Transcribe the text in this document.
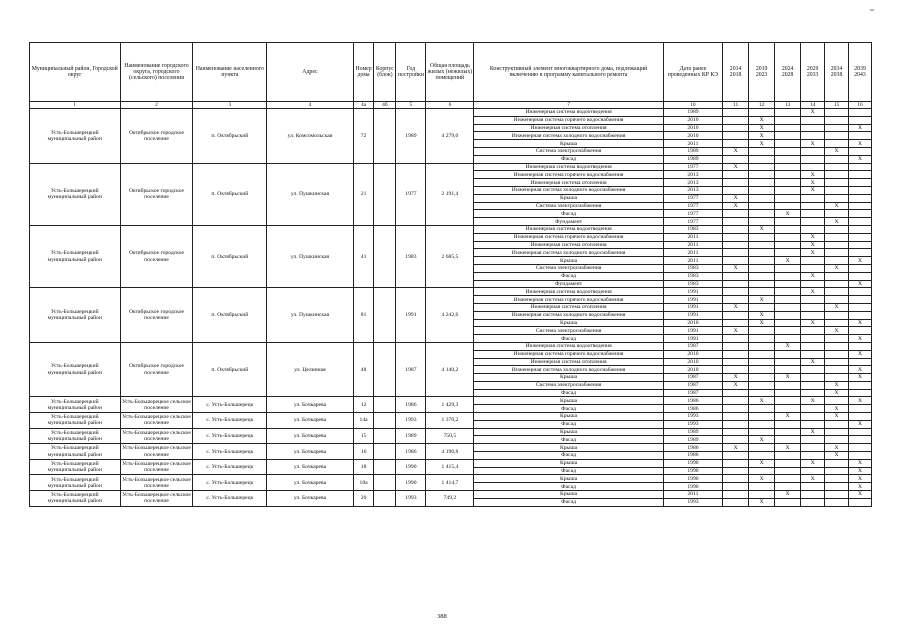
Муниципальный район, Городской округ	Наименование городского округа, городского (сельского) поселения	Наименование населенного пункта	Адрес	Номер дома	Корпус (блок)	Год постройки	Общая площадь жилых (нежилых) помещений	Конструктивный элемент многоквартирного дома, подлежащий включению в программу капитального ремонта	Дата ранее проведенных КР КЭ	2014 2018	2019 2023	2024 2028	2029 2033	2034 2038	2039 2043
1	2	3	4	4а	4б	5	6	7	10	11	12	13	14	15	16
Усть-Большерецкий муниципальный район	Октябрьское городское поселение	п. Октябрьский	ул. Комсомольская	72		1989	4 279,0	Инженерная система водоотведения	1989				X		
								Инженерная система горячего водоснабжения	2010		X				
								Инженерная система отопления	2010		X				X
								Инженерная система холодного водоснабжения	2010		X				
								Крыша	2011		X		X		X
								Система электроснабжения	1989	X				X	
								Фасад	1989						X
Усть-Большерецкий муниципальный район	Октябрьское городское поселение	п. Октябрьский	ул. Пушкинская	21		1977	2 191,4	Инженерная система водоотведения	1977	X					
								Инженерная система горячего водоснабжения	2013				X		
								Инженерная система отопления	2013				X		
								Инженерная система холодного водоснабжения	2013				X		
								Крыша	1977	X					
								Система электроснабжения	1977	X				X	
								Фасад	1977			X			
								Фундамент	1977					X	
Усть-Большерецкий муниципальный район	Октябрьское городское поселение	п. Октябрьский	ул. Пушкинская	41		1983	2 685,5	Инженерная система водоотведения	1983		X				
								Инженерная система горячего водоснабжения	2011				X		
								Инженерная система отопления	2011				X		
								Инженерная система холодного водоснабжения	2011				X		
								Крыша	2011			X			X
								Система электроснабжения	1983	X				X	
								Фасад	1983				X		
								Фундамент	1983						X
Усть-Большерецкий муниципальный район	Октябрьское городское поселение	п. Октябрьский	ул. Пушкинская	81		1991	4 242,6	Инженерная система водоотведения	1991				X		
								Инженерная система горячего водоснабжения	1991		X				
								Инженерная система отопления	1991	X				X	
								Инженерная система холодного водоснабжения	1991		X				
								Крыша	2010		X		X		X
								Система электроснабжения	1991	X				X	
								Фасад	1991						X
Усть-Большерецкий муниципальный район	Октябрьское городское поселение	п. Октябрьский	ул. Целинная	48		1987	4 140,2	Инженерная система водоотведения	1987			X			
								Инженерная система горячего водоснабжения	2010						X
								Инженерная система отопления	2010				X		
								Инженерная система холодного водоснабжения	2010						X
								Крыша	1987	X		X			X
								Система электроснабжения	1987	X				X	
								Фасад	1987					X	
Усть-Большерецкий муниципальный район	Усть-Большерецкое сельское поселение	с. Усть-Большерецк	ул. Бочкарева	12		1986	1 429,3	Крыша	1986		X		X		X
								Фасад	1986					X	
Усть-Большерецкий муниципальный район	Усть-Большерецкое сельское поселение	с. Усть-Большерецк	ул. Бочкарева	14а		1993	1 370,2	Крыша	1993			X		X	
								Фасад	1993						X
Усть-Большерецкий муниципальный район	Усть-Большерецкое сельское поселение	с. Усть-Большерецк	ул. Бочкарева	15		1989	750,5	Крыша	1989				X		
								Фасад	1989		X				
Усть-Большерецкий муниципальный район	Усть-Большерецкое сельское поселение	с. Усть-Большерецк	ул. Бочкарева	16		1986	4 190,8	Крыша	1986	X		X		X	
								Фасад	1986					X	
Усть-Большерецкий муниципальный район	Усть-Большерецкое сельское поселение	с. Усть-Большерецк	ул. Бочкарева	18		1990	1 415,4	Крыша	1990		X		X		X
								Фасад	1990						X
Усть-Большерецкий муниципальный район	Усть-Большерецкое сельское поселение	с. Усть-Большерецк	ул. Бочкарева	18а		1990	1 414,7	Крыша	1990		X		X		X
								Фасад	1990						X
Усть-Большерецкий муниципальный район	Усть-Большерецкое сельское поселение	с. Усть-Большерецк	ул. Бочкарева	20		1993	749,2	Крыша	2011			X			X
								Фасад	1993		X				
388
